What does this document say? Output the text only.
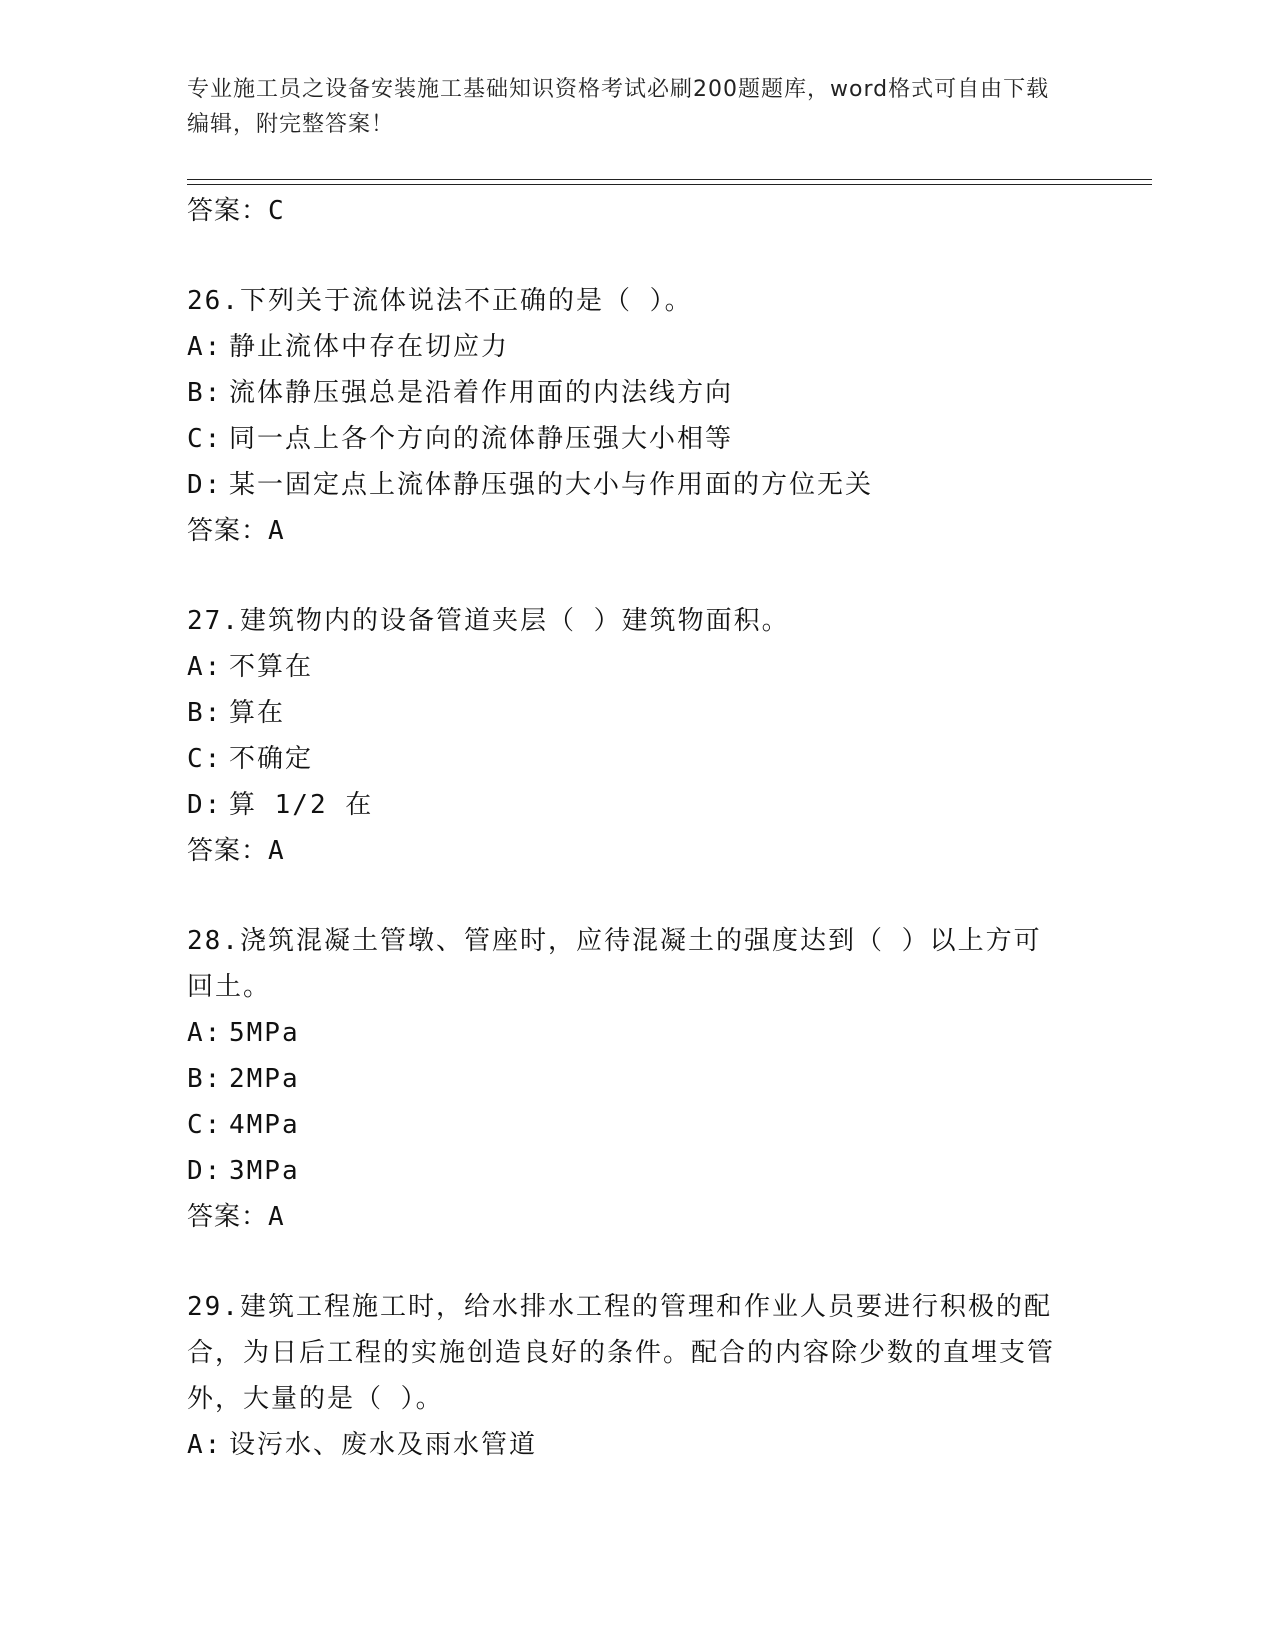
专业施工员之设备安装施工基础知识资格考试必刷200题题库，word格式可自由下载编辑，附完整答案！
答案：C
26.下列关于流体说法不正确的是（ ）。
A: 静止流体中存在切应力
B: 流体静压强总是沿着作用面的内法线方向
C: 同一点上各个方向的流体静压强大小相等
D: 某一固定点上流体静压强的大小与作用面的方位无关
答案：A
27.建筑物内的设备管道夹层（ ）建筑物面积。
A: 不算在
B: 算在
C: 不确定
D: 算 1/2 在
答案：A
28.浇筑混凝土管墩、管座时，应待混凝土的强度达到（ ）以上方可回土。
A: 5MPa
B: 2MPa
C: 4MPa
D: 3MPa
答案：A
29.建筑工程施工时，给水排水工程的管理和作业人员要进行积极的配合，为日后工程的实施创造良好的条件。配合的内容除少数的直埋支管外，大量的是（ ）。
A: 设污水、废水及雨水管道
